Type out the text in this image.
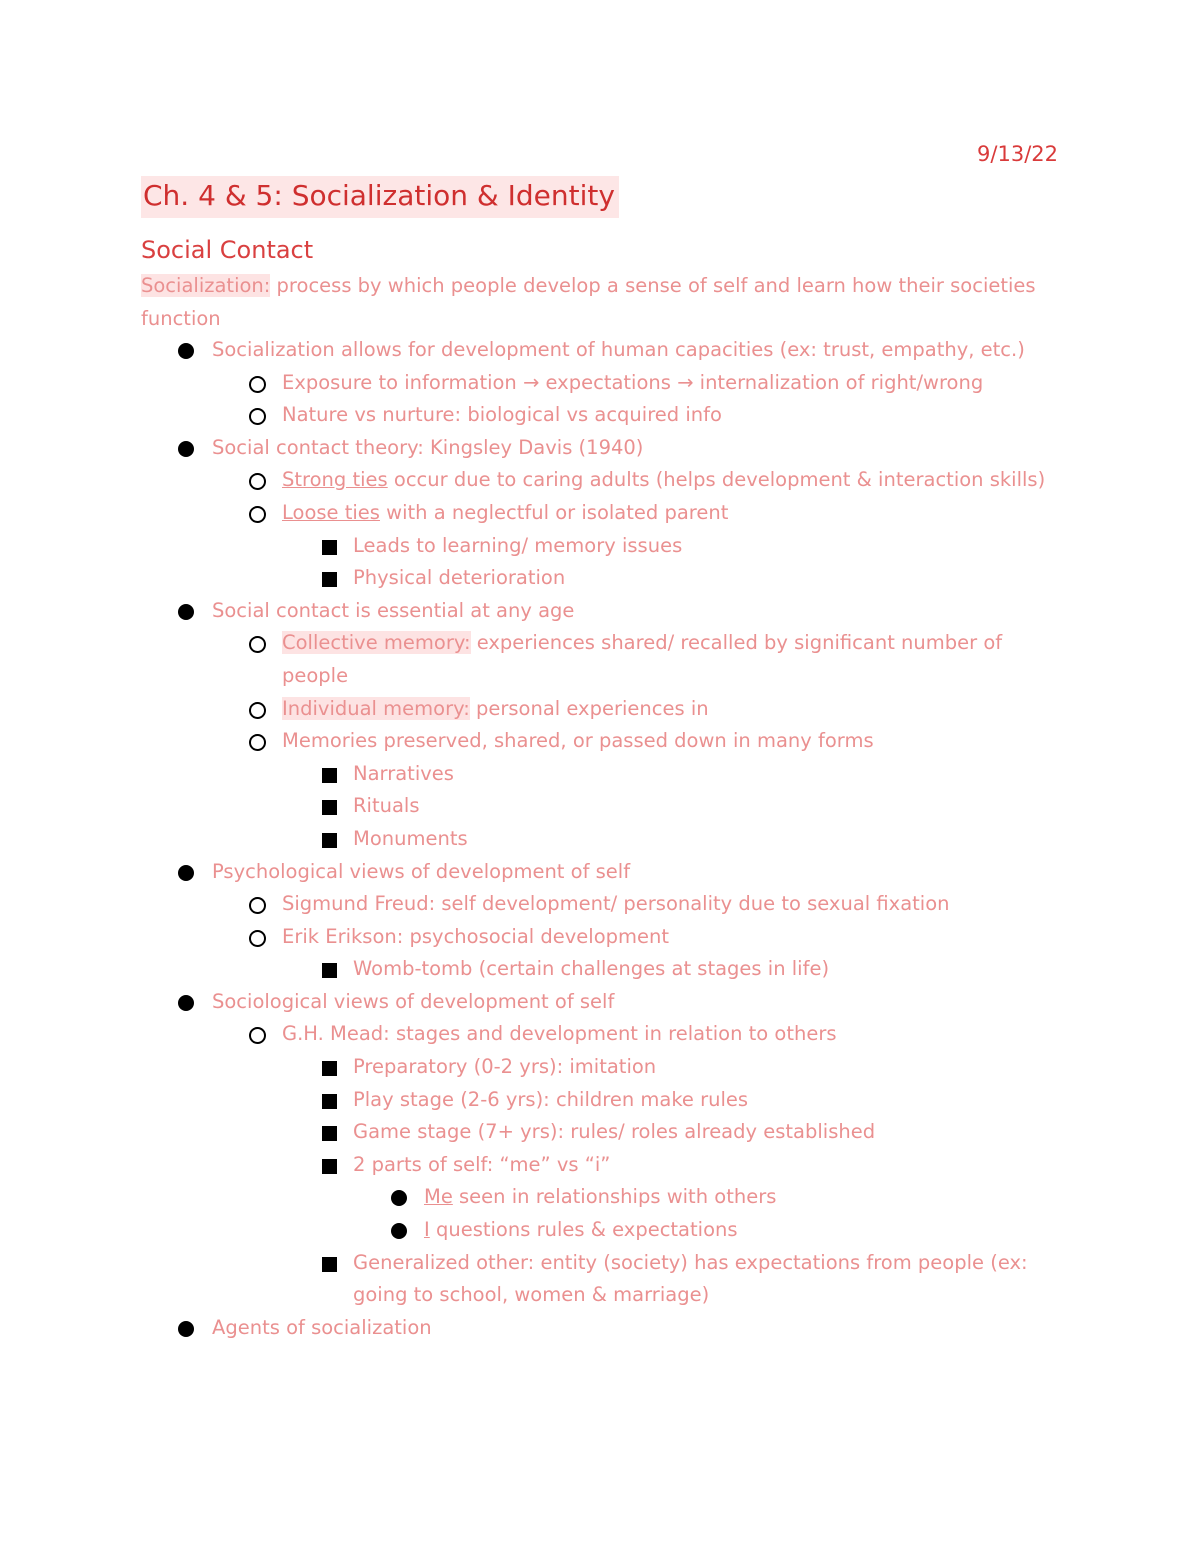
9/13/22
Ch. 4 & 5: Socialization & Identity
Social Contact
Socialization: process by which people develop a sense of self and learn how their societies function
Socialization allows for development of human capacities (ex: trust, empathy, etc.)
Exposure to information → expectations → internalization of right/wrong
Nature vs nurture: biological vs acquired info
Social contact theory: Kingsley Davis (1940)
Strong ties occur due to caring adults (helps development & interaction skills)
Loose ties with a neglectful or isolated parent
Leads to learning/ memory issues
Physical deterioration
Social contact is essential at any age
Collective memory: experiences shared/ recalled by significant number of people
Individual memory: personal experiences in
Memories preserved, shared, or passed down in many forms
Narratives
Rituals
Monuments
Psychological views of development of self
Sigmund Freud: self development/ personality due to sexual fixation
Erik Erikson: psychosocial development
Womb-tomb (certain challenges at stages in life)
Sociological views of development of self
G.H. Mead: stages and development in relation to others
Preparatory (0-2 yrs): imitation
Play stage (2-6 yrs): children make rules
Game stage (7+ yrs): rules/ roles already established
2 parts of self: “me” vs “i”
Me seen in relationships with others
I questions rules & expectations
Generalized other: entity (society) has expectations from people (ex: going to school, women & marriage)
Agents of socialization
